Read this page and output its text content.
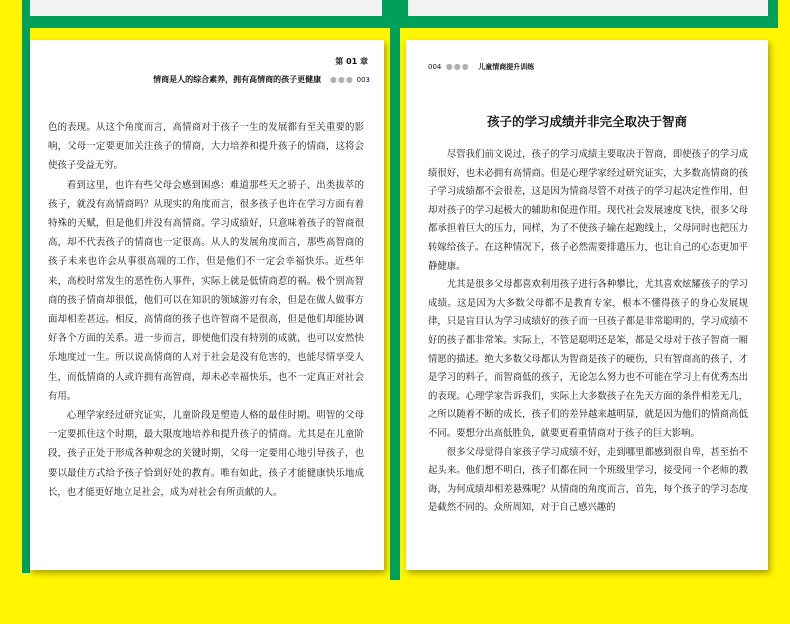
第 01 章
情商是人的综合素养，拥有高情商的孩子更健康 ●●● 003

色的表现。从这个角度而言，高情商对于孩子一生的发展都有至关重要的影响，父母一定要更加关注孩子的情商，大力培养和提升孩子的情商，这将会使孩子受益无穷。

看到这里，也许有些父母会感到困惑：难道那些天之骄子、出类拔萃的孩子，就没有高情商吗？从现实的角度而言，很多孩子也许在学习方面有着特殊的天赋，但是他们并没有高情商。学习成绩好，只意味着孩子的智商很高，却不代表孩子的情商也一定很高。从人的发展角度而言，那些高智商的孩子未来也许会从事很高端的工作，但是他们不一定会幸福快乐。近些年来，高校时常发生的恶性伤人事件，实际上就是低情商惹的祸。极个别高智商的孩子情商却很低，他们可以在知识的领域游刃有余，但是在做人做事方面却相差甚远。相反，高情商的孩子也许智商不是很高，但是他们却能协调好各个方面的关系。进一步而言，即使他们没有特别的成就，也可以安然快乐地度过一生。所以说高情商的人对于社会是没有危害的，也能尽情享受人生，而低情商的人或许拥有高智商，却未必幸福快乐，也不一定真正对社会有用。

心理学家经过研究证实，儿童阶段是塑造人格的最佳时期。明智的父母一定要抓住这个时期，最大限度地培养和提升孩子的情商。尤其是在儿童阶段，孩子正处于形成各种观念的关键时期，父母一定要用心地引导孩子，也要以最佳方式给予孩子恰到好处的教育。唯有如此，孩子才能健康快乐地成长，也才能更好地立足社会，成为对社会有所贡献的人。

004 ●●● 儿童情商提升训练
孩子的学习成绩并非完全取决于智商

尽管我们前文说过，孩子的学习成绩主要取决于智商，即使孩子的学习成绩很好，也未必拥有高情商。但是心理学家经过研究证实，大多数高情商的孩子学习成绩都不会很差，这是因为情商尽管不对孩子的学习起决定性作用，但却对孩子的学习起极大的辅助和促进作用。现代社会发展速度飞快，很多父母都承担着巨大的压力，同样，为了不使孩子输在起跑线上，父母同时也把压力转嫁给孩子。在这种情况下，孩子必然需要排遣压力，也让自己的心态更加平静健康。

尤其是很多父母都喜欢利用孩子进行各种攀比，尤其喜欢炫耀孩子的学习成绩。这是因为大多数父母都不是教育专家，根本不懂得孩子的身心发展规律，只是盲目认为学习成绩好的孩子而一旦孩子都是非常聪明的，学习成绩不好的孩子都非常笨。实际上，不管是聪明还是笨，都是父母对于孩子智商一厢情愿的描述。绝大多数父母都认为智商是孩子的硬伤，只有智商高的孩子，才是学习的料子，而智商低的孩子，无论怎么努力也不可能在学习上有优秀杰出的表现。心理学家告诉我们，实际上大多数孩子在先天方面的条件相差无几，之所以随着不断的成长，孩子们的差异越来越明显，就是因为他们的情商高低不同。要想分出高低胜负，就要更看重情商对于孩子的巨大影响。

很多父母觉得自家孩子学习成绩不好，走到哪里都感到很自卑，甚至抬不起头来。他们想不明白，孩子们都在同一个班级里学习，接受同一个老师的教诲，为何成绩却相差悬殊呢？从情商的角度而言，首先，每个孩子的学习态度是截然不同的。众所周知，对于自己感兴趣的
